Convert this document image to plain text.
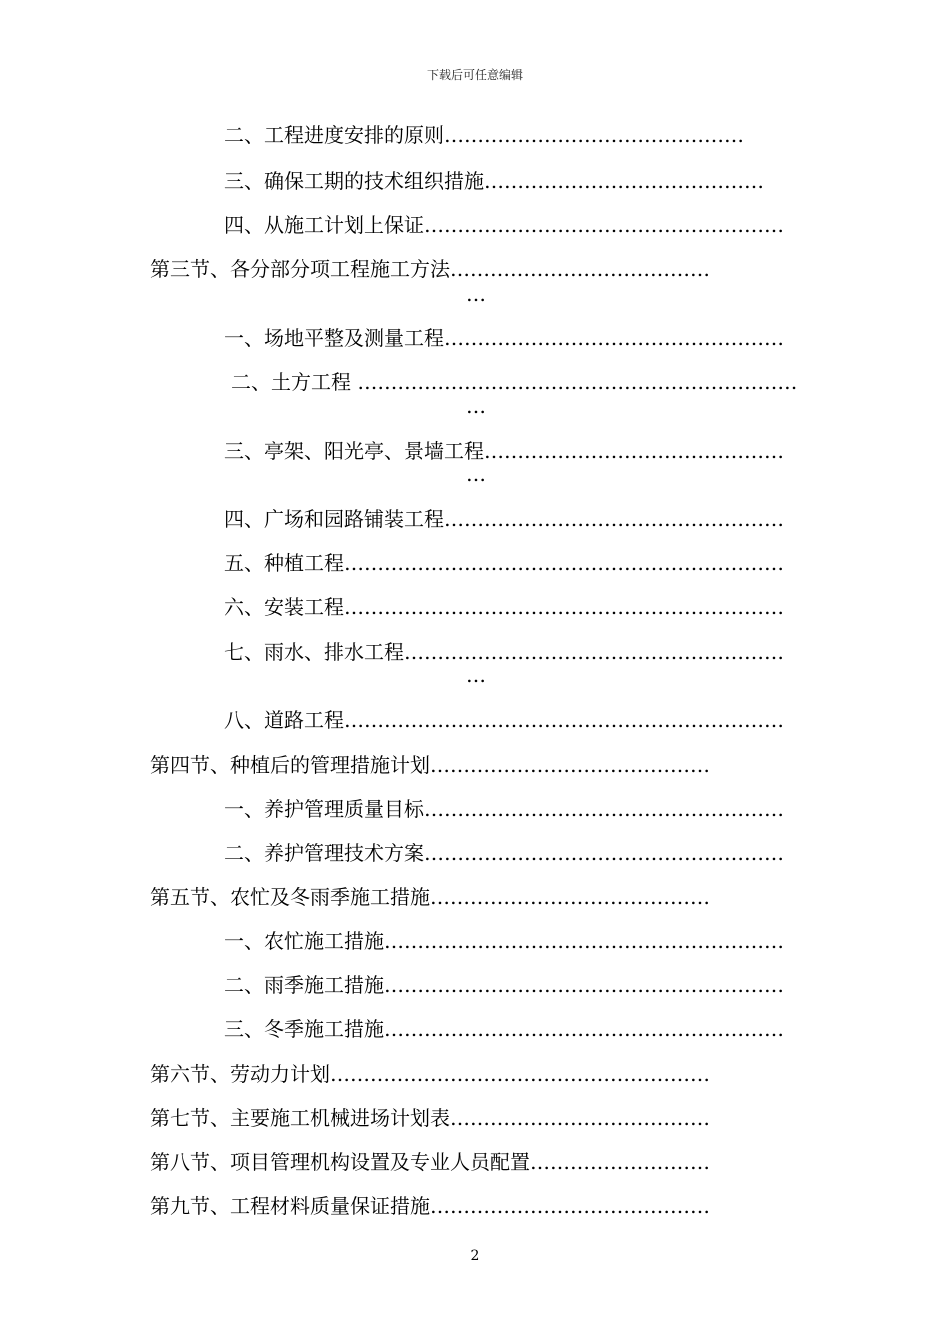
下载后可任意编辑
二、工程进度安排的原则………………………………………
三、确保工期的技术组织措施……………………………………
四、从施工计划上保证………………………………………………
第三节、各分部分项工程施工方法…………………………………
…
一、场地平整及测量工程……………………………………………
二、土方工程 …………………………………………………………
…
三、亭架、阳光亭、景墙工程………………………………………
…
四、广场和园路铺装工程……………………………………………
五、种植工程…………………………………………………………
六、安装工程…………………………………………………………
七、雨水、排水工程…………………………………………………
…
八、道路工程…………………………………………………………
第四节、种植后的管理措施计划……………………………………
一、养护管理质量目标………………………………………………
二、养护管理技术方案………………………………………………
第五节、农忙及冬雨季施工措施……………………………………
一、农忙施工措施……………………………………………………
二、雨季施工措施……………………………………………………
三、冬季施工措施……………………………………………………
第六节、劳动力计划…………………………………………………
第七节、主要施工机械进场计划表…………………………………
第八节、项目管理机构设置及专业人员配置………………………
第九节、工程材料质量保证措施……………………………………
2
